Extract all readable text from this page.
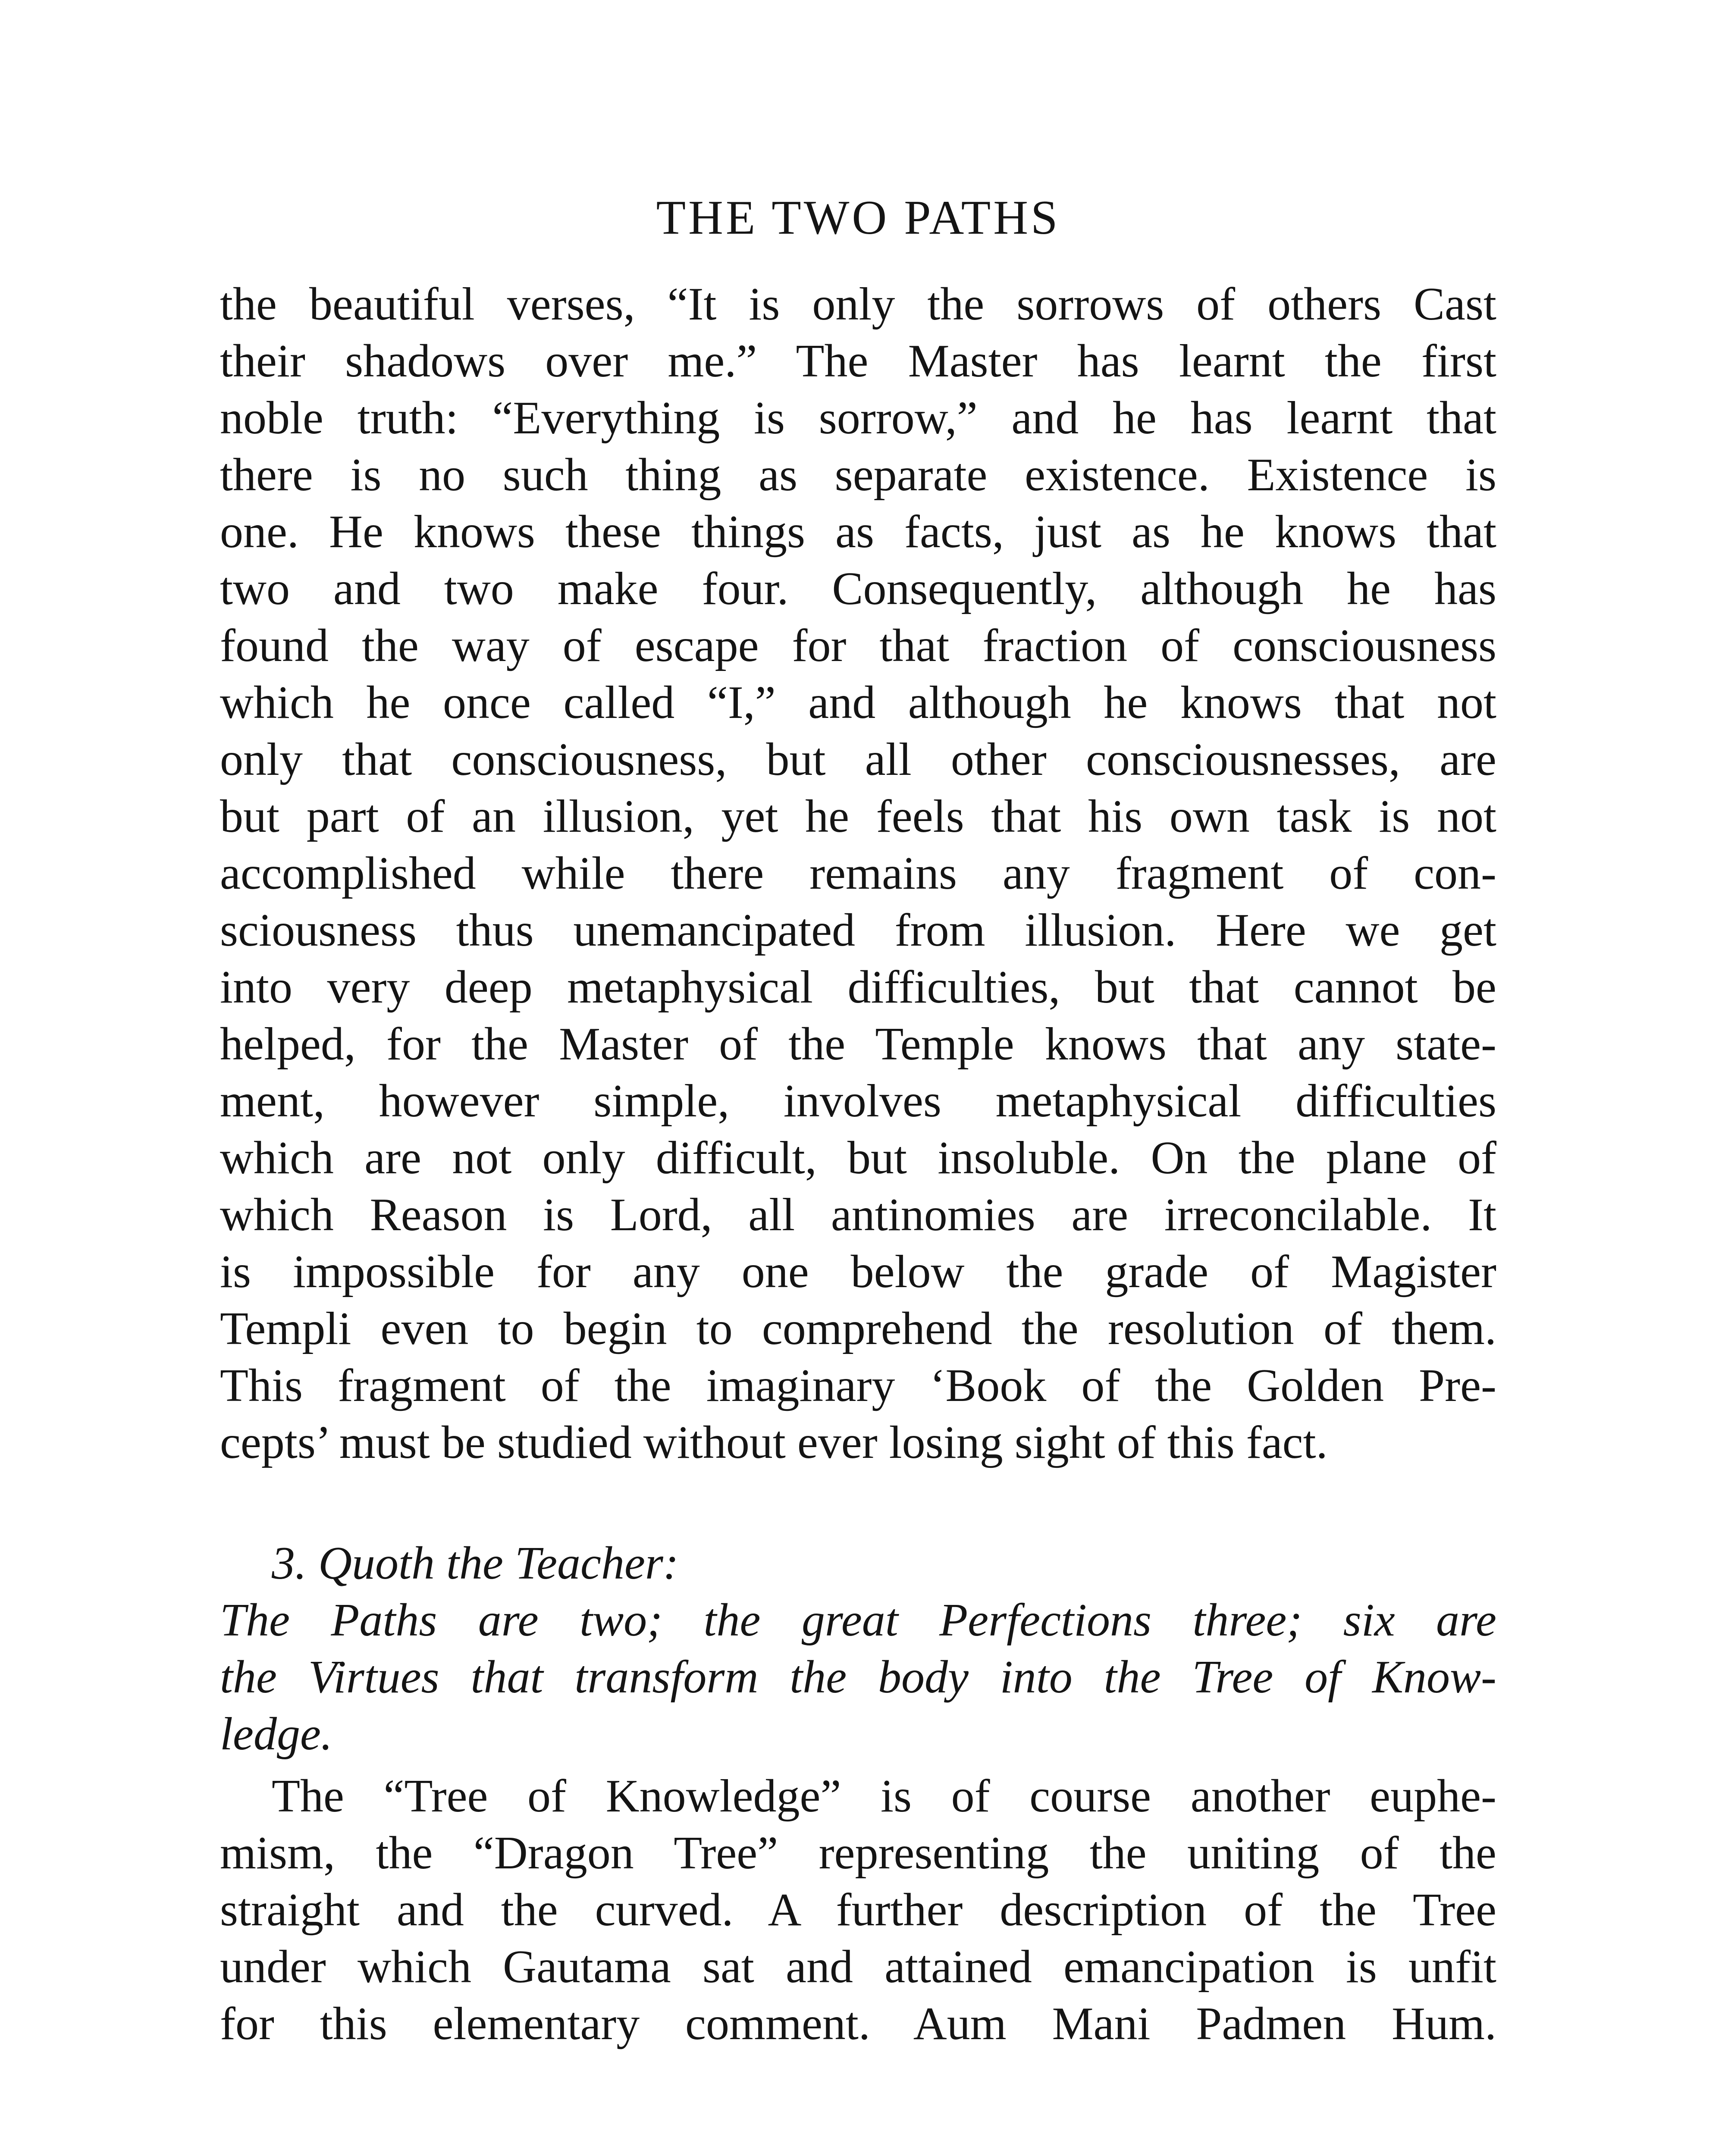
THE TWO PATHS
the beautiful verses, “It is only the sorrows of others Cast
their shadows over me.” The Master has learnt the first
noble truth: “Everything is sorrow,” and he has learnt that
there is no such thing as separate existence. Existence is
one. He knows these things as facts, just as he knows that
two and two make four. Consequently, although he has
found the way of escape for that fraction of consciousness
which he once called “I,” and although he knows that not
only that consciousness, but all other consciousnesses, are
but part of an illusion, yet he feels that his own task is not
accomplished while there remains any fragment of con-
sciousness thus unemancipated from illusion. Here we get
into very deep metaphysical difficulties, but that cannot be
helped, for the Master of the Temple knows that any state-
ment, however simple, involves metaphysical difficulties
which are not only difficult, but insoluble. On the plane of
which Reason is Lord, all antinomies are irreconcilable. It
is impossible for any one below the grade of Magister
Templi even to begin to comprehend the resolution of them.
This fragment of the imaginary ‘Book of the Golden Pre-
cepts’ must be studied without ever losing sight of this fact.
3. Quoth the Teacher:
The Paths are two; the great Perfections three; six are
the Virtues that transform the body into the Tree of Know-
ledge.
The “Tree of Knowledge” is of course another euphe-
mism, the “Dragon Tree” representing the uniting of the
straight and the curved. A further description of the Tree
under which Gautama sat and attained emancipation is unfit
for this elementary comment. Aum Mani Padmen Hum.
